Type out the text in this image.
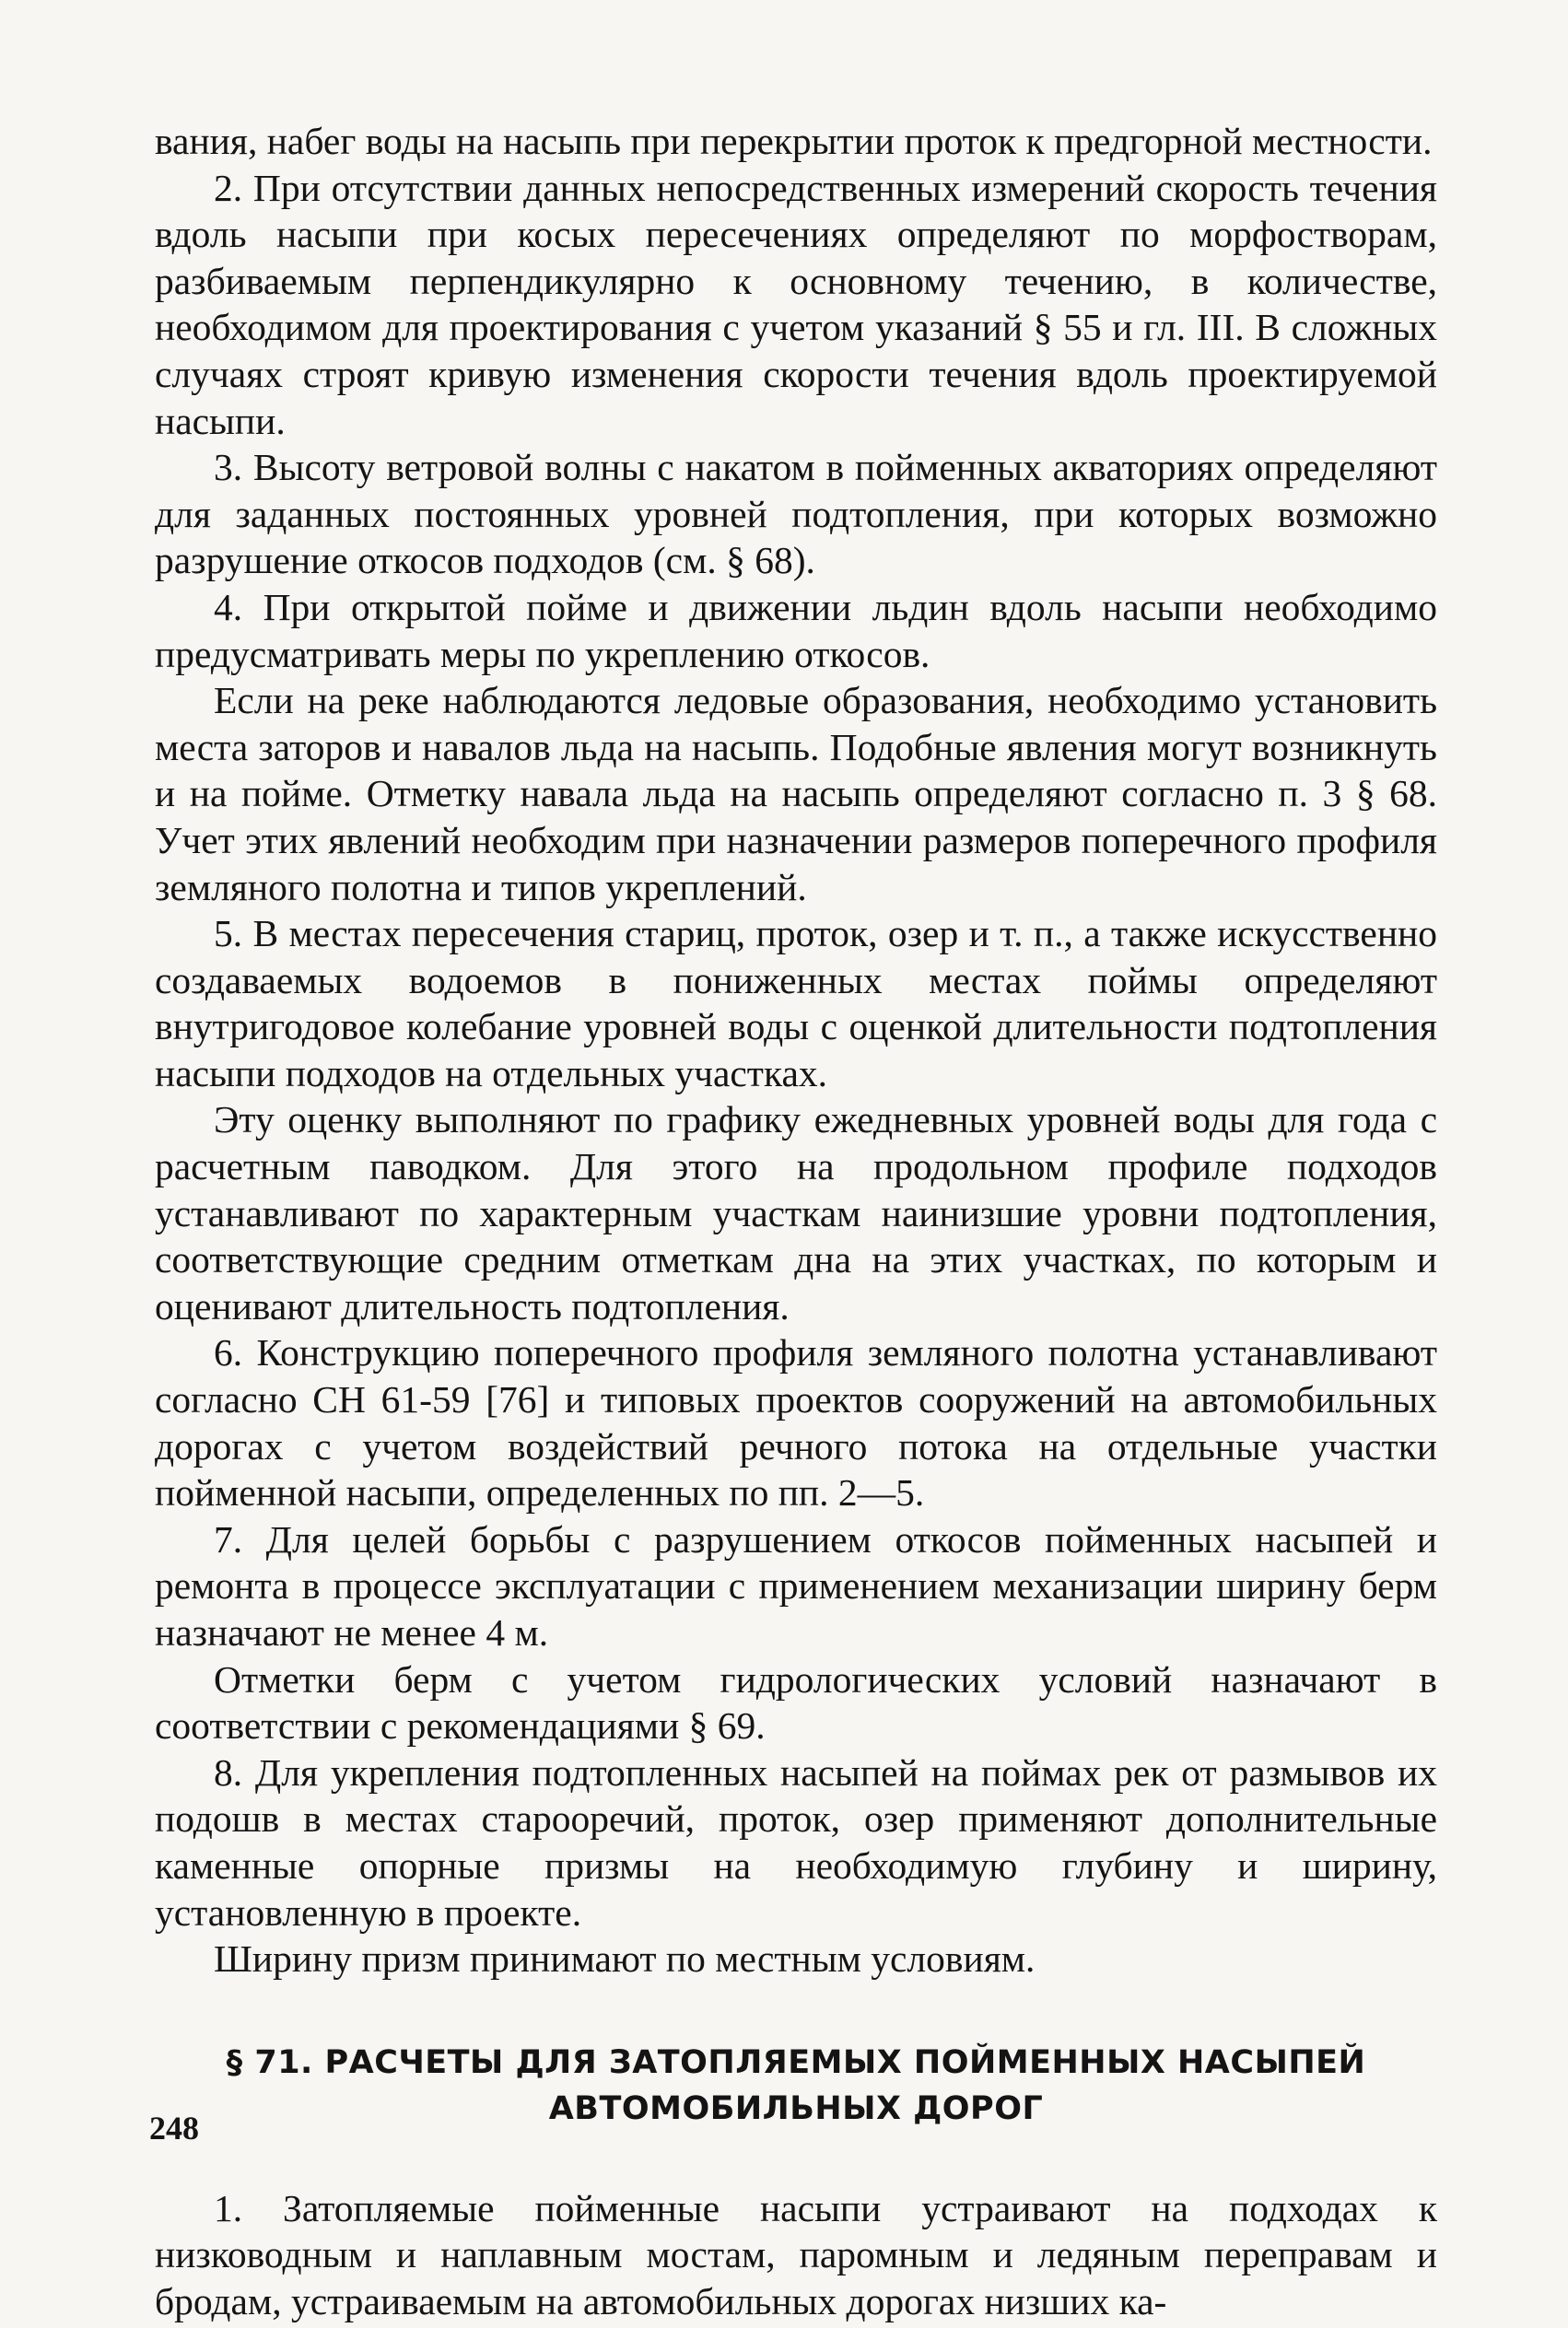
вания, набег воды на насыпь при перекрытии проток к предгорной местности.

2. При отсутствии данных непосредственных измерений скорость течения вдоль насыпи при косых пересечениях определяют по морфостворам, разбиваемым перпендикулярно к основному течению, в количестве, необходимом для проектирования с учетом указаний § 55 и гл. III. В сложных случаях строят кривую изменения скорости течения вдоль проектируемой насыпи.

3. Высоту ветровой волны с накатом в пойменных акваториях определяют для заданных постоянных уровней подтопления, при которых возможно разрушение откосов подходов (см. § 68).

4. При открытой пойме и движении льдин вдоль насыпи необходимо предусматривать меры по укреплению откосов.

Если на реке наблюдаются ледовые образования, необходимо установить места заторов и навалов льда на насыпь. Подобные явления могут возникнуть и на пойме. Отметку навала льда на насыпь определяют согласно п. 3 § 68. Учет этих явлений необходим при назначении размеров поперечного профиля земляного полотна и типов укреплений.

5. В местах пересечения стариц, проток, озер и т. п., а также искусственно создаваемых водоемов в пониженных местах поймы определяют внутригодовое колебание уровней воды с оценкой длительности подтопления насыпи подходов на отдельных участках.

Эту оценку выполняют по графику ежедневных уровней воды для года с расчетным паводком. Для этого на продольном профиле подходов устанавливают по характерным участкам наинизшие уровни подтопления, соответствующие средним отметкам дна на этих участках, по которым и оценивают длительность подтопления.

6. Конструкцию поперечного профиля земляного полотна устанавливают согласно СН 61-59 [76] и типовых проектов сооружений на автомобильных дорогах с учетом воздействий речного потока на отдельные участки пойменной насыпи, определенных по пп. 2—5.

7. Для целей борьбы с разрушением откосов пойменных насыпей и ремонта в процессе эксплуатации с применением механизации ширину берм назначают не менее 4 м.

Отметки берм с учетом гидрологических условий назначают в соответствии с рекомендациями § 69.

8. Для укрепления подтопленных насыпей на поймах рек от размывов их подошв в местах старооречий, проток, озер применяют дополнительные каменные опорные призмы на необходимую глубину и ширину, установленную в проекте.

Ширину призм принимают по местным условиям.

§ 71. РАСЧЕТЫ ДЛЯ ЗАТОПЛЯЕМЫХ ПОЙМЕННЫХ НАСЫПЕЙ
АВТОМОБИЛЬНЫХ ДОРОГ

1. Затопляемые пойменные насыпи устраивают на подходах к низководным и наплавным мостам, паромным и ледяным переправам и бродам, устраиваемым на автомобильных дорогах низших ка-

248
